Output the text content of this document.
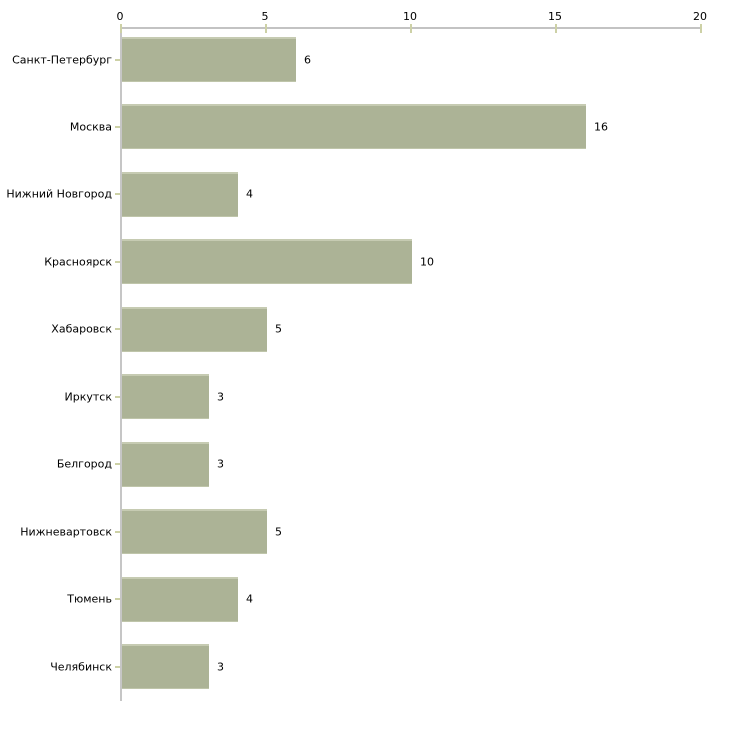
0	5	10	15	20
Санкт-Петербург	6
Москва	16
Нижний Новгород	4
Красноярск	10
Хабаровск	5
Иркутск	3
Белгород	3
Нижневартовск	5
Тюмень	4
Челябинск	3
